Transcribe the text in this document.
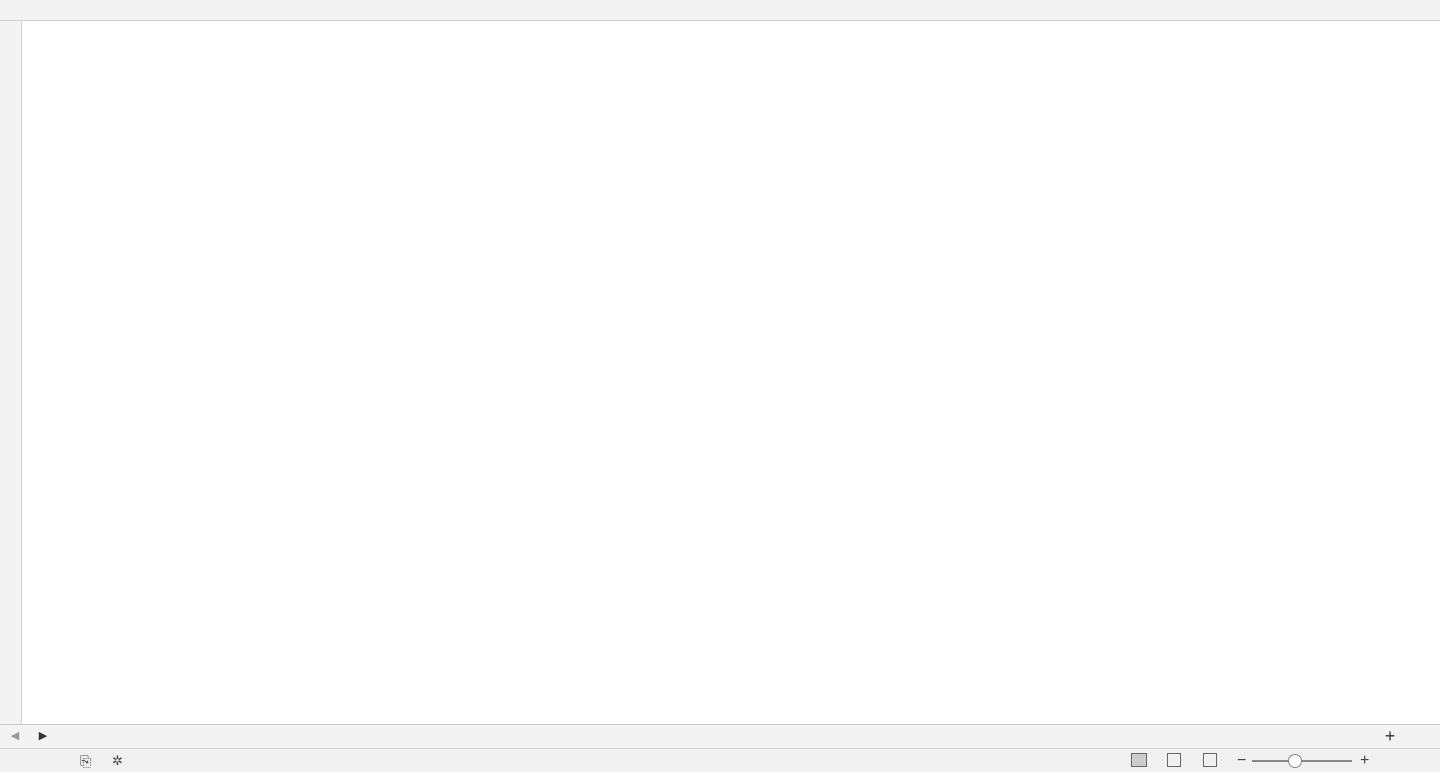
◀	▶	+
⎘ ✲	−	+
